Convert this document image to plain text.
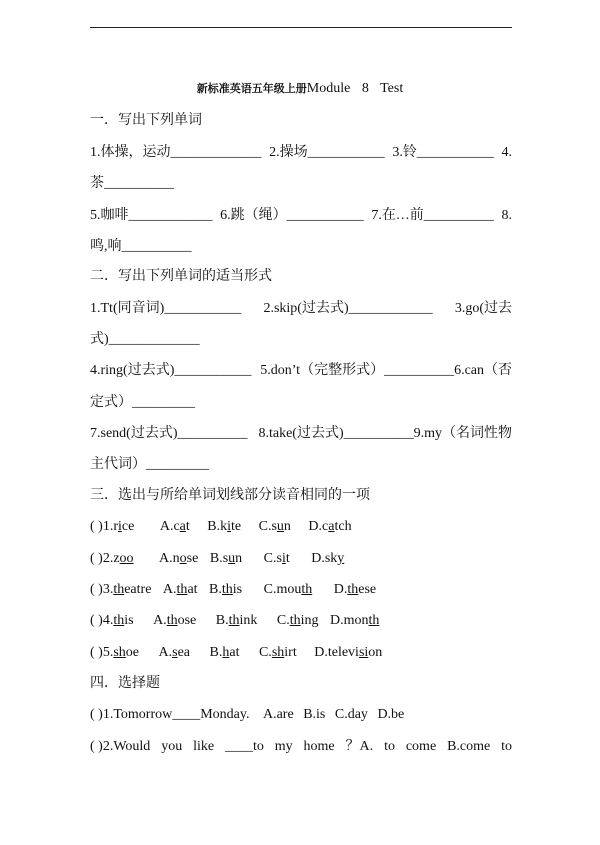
新标准英语五年级上册Module 8 Test
一．写出下列单词
1.体操，运动_____________ 2.操场___________ 3.铃___________ 4.
茶__________
5.咖啡____________ 6.跳（绳）___________ 7.在…前__________ 8.
鸣,响__________
二．写出下列单词的适当形式
1.Tt(同音词)___________ 2.skip(过去式)____________ 3.go(过去
式)_____________
4.ring(过去式)___________ 5.don’t（完整形式）__________6.can（否
定式）_________
7.send(过去式)__________ 8.take(过去式)__________9.my（名词性物
主代词）_________
三．选出与所给单词划线部分读音相同的一项
( )1.rice A.cat B.kite C.sun D.catch
( )2.zoo A.nose B.sun C.sit D.sky
( )3.theatre A.that B.this C.mouth D.these
( )4.this A.those B.think C.thing D.month
( )5.shoe A.sea B.hat C.shirt D.television
四．选择题
( )1.Tomorrow____Monday. A.are B.is C.day D.be
( )2.Would you like ____to my home ？A. to come B.come to
